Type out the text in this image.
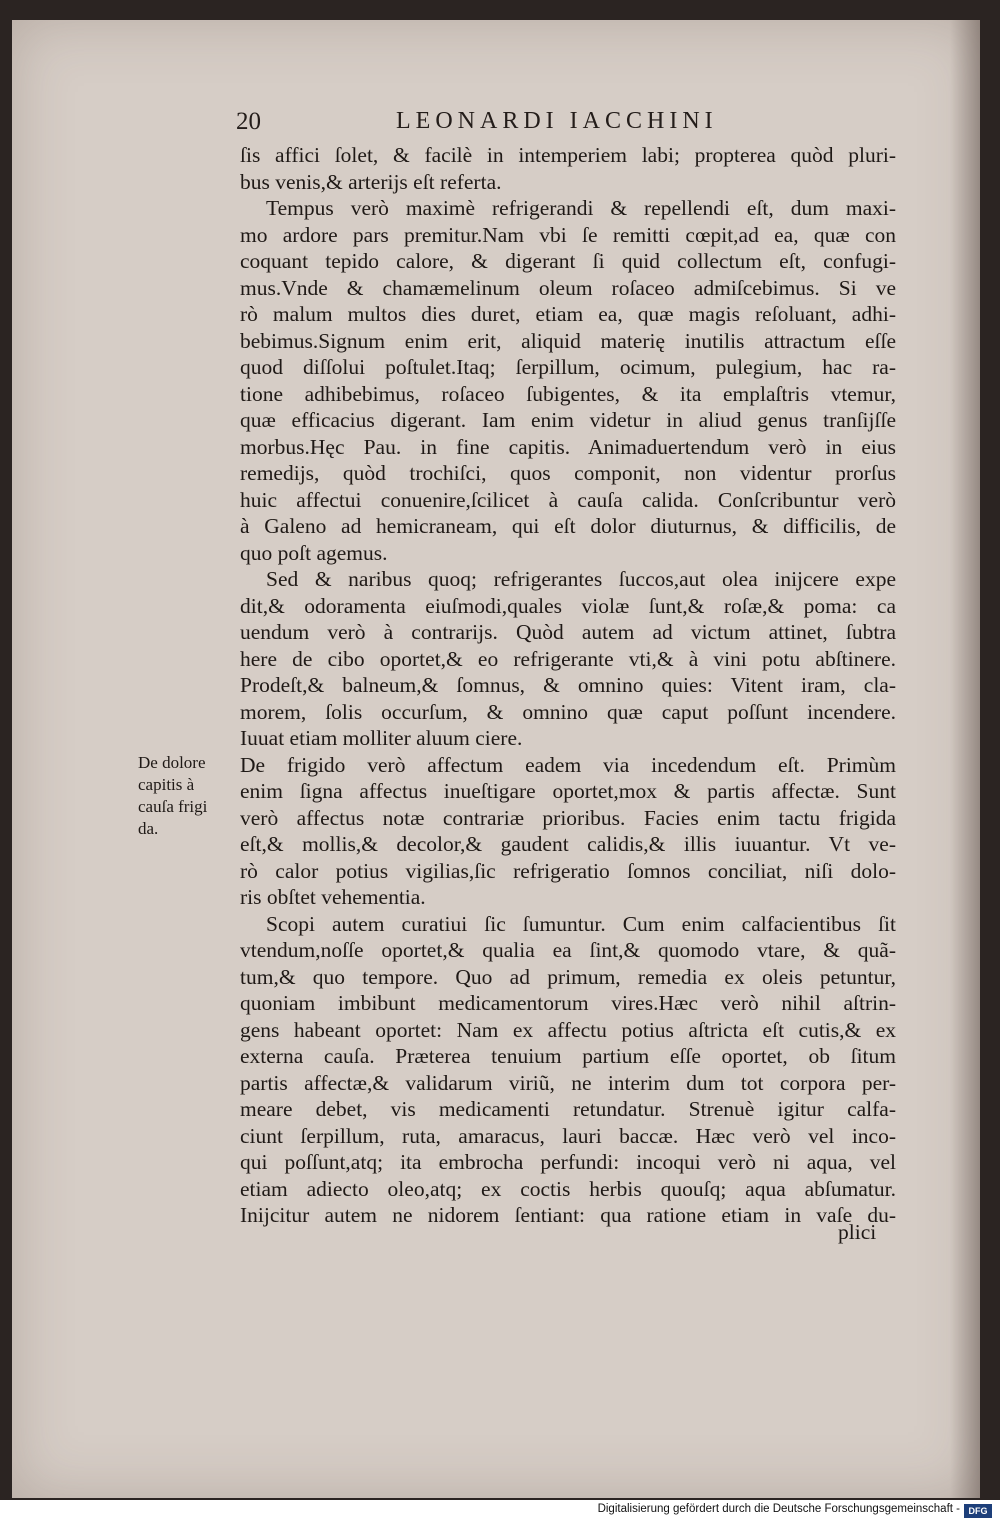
20	LEONARDI IACCHINI
ſis affici ſolet, & facilè in intemperiem labi; propterea quòd pluri-
bus venis,& arterijs eſt referta.
Tempus verò maximè refrigerandi & repellendi eſt, dum maxi-
mo ardore pars premitur.Nam vbi ſe remitti cœpit,ad ea, quæ con
coquant tepido calore, & digerant ſi quid collectum eſt, confugi-
mus.Vnde & chamæmelinum oleum roſaceo admiſcebimus. Si ve
rò malum multos dies duret, etiam ea, quæ magis reſoluant, adhi-
bebimus.Signum enim erit, aliquid materię inutilis attractum eſſe
quod diſſolui poſtulet.Itaq; ſerpillum, ocimum, pulegium, hac ra-
tione adhibebimus, roſaceo ſubigentes, & ita emplaſtris vtemur,
quæ efficacius digerant. Iam enim videtur in aliud genus tranſijſſe
morbus.Hęc Pau. in fine capitis. Animaduertendum verò in eius
remedijs, quòd trochiſci, quos componit, non videntur prorſus
huic affectui conuenire,ſcilicet à cauſa calida. Conſcribuntur verò
à Galeno ad hemicraneam, qui eſt dolor diuturnus, & difficilis, de
quo poſt agemus.
Sed & naribus quoq; refrigerantes ſuccos,aut olea inijcere expe
dit,& odoramenta eiuſmodi,quales violæ ſunt,& roſæ,& poma: ca
uendum verò à contrarijs. Quòd autem ad victum attinet, ſubtra
here de cibo oportet,& eo refrigerante vti,& à vini potu abſtinere.
Prodeſt,& balneum,& ſomnus, & omnino quies: Vitent iram, cla-
morem, ſolis occurſum, & omnino quæ caput poſſunt incendere.
Iuuat etiam molliter aluum ciere.
De frigido verò affectum eadem via incedendum eſt. Primùm
enim ſigna affectus inueſtigare oportet,mox & partis affectæ. Sunt
verò affectus notæ contrariæ prioribus. Facies enim tactu frigida
eſt,& mollis,& decolor,& gaudent calidis,& illis iuuantur. Vt ve-
rò calor potius vigilias,ſic refrigeratio ſomnos conciliat, niſi dolo-
ris obſtet vehementia.
Scopi autem curatiui ſic ſumuntur. Cum enim calfacientibus ſit
vtendum,noſſe oportet,& qualia ea ſint,& quomodo vtare, & quã-
tum,& quo tempore. Quo ad primum, remedia ex oleis petuntur,
quoniam imbibunt medicamentorum vires.Hæc verò nihil aſtrin-
gens habeant oportet: Nam ex affectu potius aſtricta eſt cutis,& ex
externa cauſa. Præterea tenuium partium eſſe oportet, ob ſitum
partis affectæ,& validarum viriũ, ne interim dum tot corpora per-
meare debet, vis medicamenti retundatur. Strenuè igitur calfa-
ciunt ſerpillum, ruta, amaracus, lauri baccæ. Hæc verò vel inco-
qui poſſunt,atq; ita embrocha perfundi: incoqui verò ni aqua, vel
etiam adiecto oleo,atq; ex coctis herbis quouſq; aqua abſumatur.
Inijcitur autem ne nidorem ſentiant: qua ratione etiam in vaſe du-
De dolore
capitis à
cauſa frigi
da.
plici
Digitalisierung gefördert durch die Deutsche Forschungsgemeinschaft - DFG
